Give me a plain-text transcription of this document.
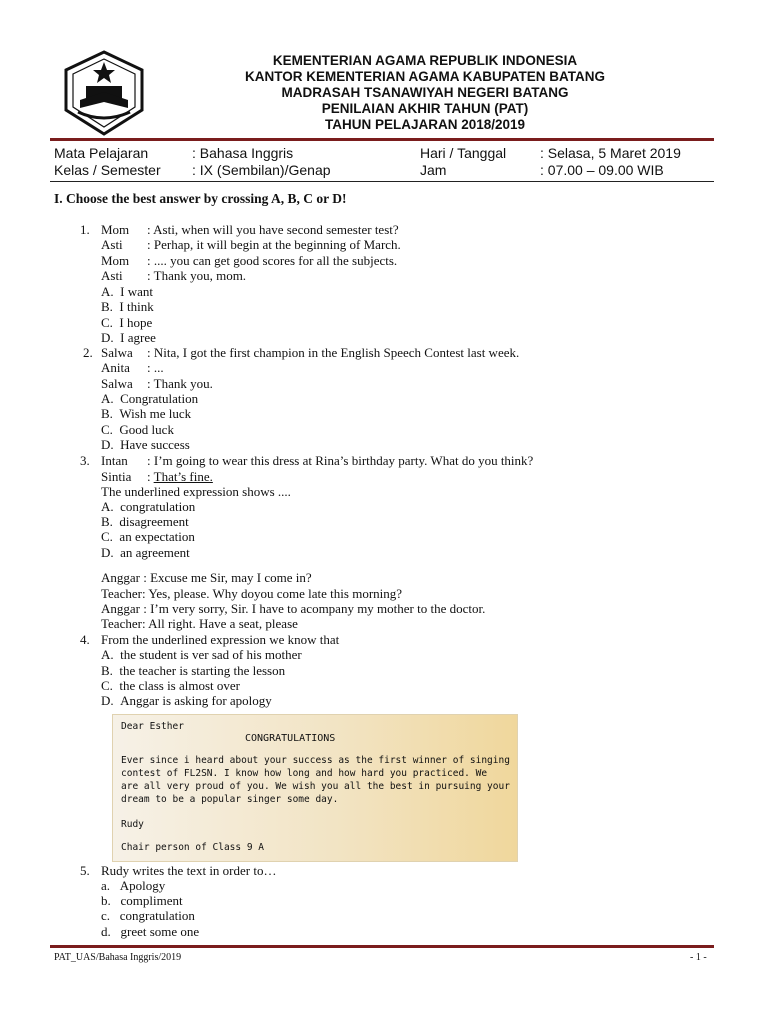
KEMENTERIAN AGAMA REPUBLIK INDONESIA
KANTOR KEMENTERIAN AGAMA KABUPATEN BATANG
MADRASAH TSANAWIYAH NEGERI BATANG
PENILAIAN AKHIR TAHUN (PAT)
TAHUN PELAJARAN 2018/2019
Mata Pelajaran	: Bahasa Inggris
Kelas / Semester : IX (Sembilan)/Genap
Hari / Tanggal : Selasa, 5 Maret 2019
Jam	: 07.00 – 09.00 WIB
I. Choose the best answer by crossing A, B, C or D!
1. Mom : Asti, when will you have second semester test?
Asti : Perhap, it will begin at the beginning of March.
Mom : .... you can get good scores for all the subjects.
Asti : Thank you, mom.
A. I want
B. I think
C. I hope
D. I agree
2. Salwa : Nita, I got the first champion in the English Speech Contest last week.
Anita : ...
Salwa : Thank you.
A. Congratulation
B. Wish me luck
C. Good luck
D. Have success
3. Intan : I’m going to wear this dress at Rina’s birthday party. What do you think?
Sintia : That’s fine.
The underlined expression shows ....
A. congratulation
B. disagreement
C. an expectation
D. an agreement
Anggar : Excuse me Sir, may I come in?
Teacher: Yes, please. Why doyou come late this morning?
Anggar : I’m very sorry, Sir. I have to acompany my mother to the doctor.
Teacher: All right. Have a seat, please
4. From the underlined expression we know that
A. the student is ver sad of his mother
B. the teacher is starting the lesson
C. the class is almost over
D. Anggar is asking for apology
Dear Esther
CONGRATULATIONS
Ever since i heard about your success as the first winner of singing
contest of FL2SN. I know how long and how hard you practiced. We
are all very proud of you. We wish you all the best in pursuing your
dream to be a popular singer some day.
Rudy
Chair person of Class 9 A
5. Rudy writes the text in order to…
a. Apology
b. compliment
c. congratulation
d. greet some one
PAT_UAS/Bahasa Inggris/2019	- 1 -
